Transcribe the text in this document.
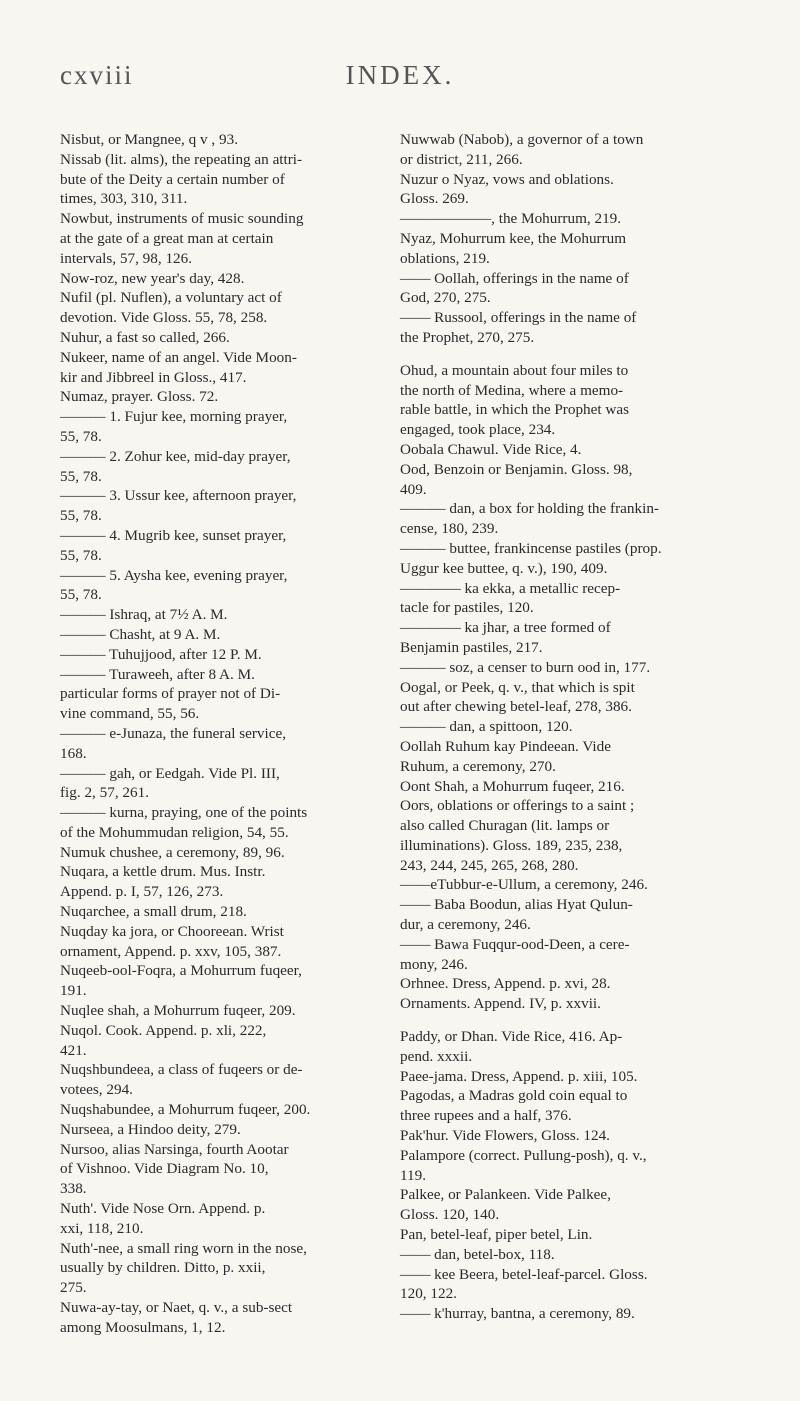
cxviii	INDEX.
Nisbut, or Mangnee, q v , 93.
Nissab (lit. alms), the repeating an attri-
bute of the Deity a certain number of
times, 303, 310, 311.
Nowbut, instruments of music sounding
at the gate of a great man at certain
intervals, 57, 98, 126.
Now-roz, new year's day, 428.
Nufil (pl. Nuflen), a voluntary act of
devotion. Vide Gloss. 55, 78, 258.
Nuhur, a fast so called, 266.
Nukeer, name of an angel. Vide Moon-
kir and Jibbreel in Gloss., 417.
Numaz, prayer. Gloss. 72.
——— 1. Fujur kee, morning prayer,
55, 78.
——— 2. Zohur kee, mid-day prayer,
55, 78.
——— 3. Ussur kee, afternoon prayer,
55, 78.
——— 4. Mugrib kee, sunset prayer,
55, 78.
——— 5. Aysha kee, evening prayer,
55, 78.
——— Ishraq, at 7½ A. M.
——— Chasht, at 9 A. M.
——— Tuhujjood, after 12 P. M.
——— Turaweeh, after 8 A. M.
particular forms of prayer not of Di-
vine command, 55, 56.
——— e-Junaza, the funeral service,
168.
——— gah, or Eedgah. Vide Pl. III,
fig. 2, 57, 261.
——— kurna, praying, one of the points
of the Mohummudan religion, 54, 55.
Numuk chushee, a ceremony, 89, 96.
Nuqara, a kettle drum. Mus. Instr.
Append. p. I, 57, 126, 273.
Nuqarchee, a small drum, 218.
Nuqday ka jora, or Chooreean. Wrist
ornament, Append. p. xxv, 105, 387.
Nuqeeb-ool-Foqra, a Mohurrum fuqeer,
191.
Nuqlee shah, a Mohurrum fuqeer, 209.
Nuqol. Cook. Append. p. xli, 222,
421.
Nuqshbundeea, a class of fuqeers or de-
votees, 294.
Nuqshabundee, a Mohurrum fuqeer, 200.
Nurseea, a Hindoo deity, 279.
Nursoo, alias Narsinga, fourth Aootar
of Vishnoo. Vide Diagram No. 10,
338.
Nuth'. Vide Nose Orn. Append. p.
xxi, 118, 210.
Nuth'-nee, a small ring worn in the nose,
usually by children. Ditto, p. xxii,
275.
Nuwa-ay-tay, or Naet, q. v., a sub-sect
among Moosulmans, 1, 12.
Nuwwab (Nabob), a governor of a town
or district, 211, 266.
Nuzur o Nyaz, vows and oblations.
Gloss. 269.
——————, the Mohurrum, 219.
Nyaz, Mohurrum kee, the Mohurrum
oblations, 219.
—— Oollah, offerings in the name of
God, 270, 275.
—— Russool, offerings in the name of
the Prophet, 270, 275.
Ohud, a mountain about four miles to
the north of Medina, where a memo-
rable battle, in which the Prophet was
engaged, took place, 234.
Oobala Chawul. Vide Rice, 4.
Ood, Benzoin or Benjamin. Gloss. 98,
409.
——— dan, a box for holding the frankin-
cense, 180, 239.
——— buttee, frankincense pastiles (prop.
Uggur kee buttee, q. v.), 190, 409.
———— ka ekka, a metallic recep-
tacle for pastiles, 120.
———— ka jhar, a tree formed of
Benjamin pastiles, 217.
——— soz, a censer to burn ood in, 177.
Oogal, or Peek, q. v., that which is spit
out after chewing betel-leaf, 278, 386.
——— dan, a spittoon, 120.
Oollah Ruhum kay Pindeean. Vide
Ruhum, a ceremony, 270.
Oont Shah, a Mohurrum fuqeer, 216.
Oors, oblations or offerings to a saint ;
also called Churagan (lit. lamps or
illuminations). Gloss. 189, 235, 238,
243, 244, 245, 265, 268, 280.
——eTubbur-e-Ullum, a ceremony, 246.
—— Baba Boodun, alias Hyat Qulun-
dur, a ceremony, 246.
—— Bawa Fuqqur-ood-Deen, a cere-
mony, 246.
Orhnee. Dress, Append. p. xvi, 28.
Ornaments. Append. IV, p. xxvii.
Paddy, or Dhan. Vide Rice, 416. Ap-
pend. xxxii.
Paee-jama. Dress, Append. p. xiii, 105.
Pagodas, a Madras gold coin equal to
three rupees and a half, 376.
Pak'hur. Vide Flowers, Gloss. 124.
Palampore (correct. Pullung-posh), q. v.,
119.
Palkee, or Palankeen. Vide Palkee,
Gloss. 120, 140.
Pan, betel-leaf, piper betel, Lin.
—— dan, betel-box, 118.
—— kee Beera, betel-leaf-parcel. Gloss.
120, 122.
—— k'hurray, bantna, a ceremony, 89.
